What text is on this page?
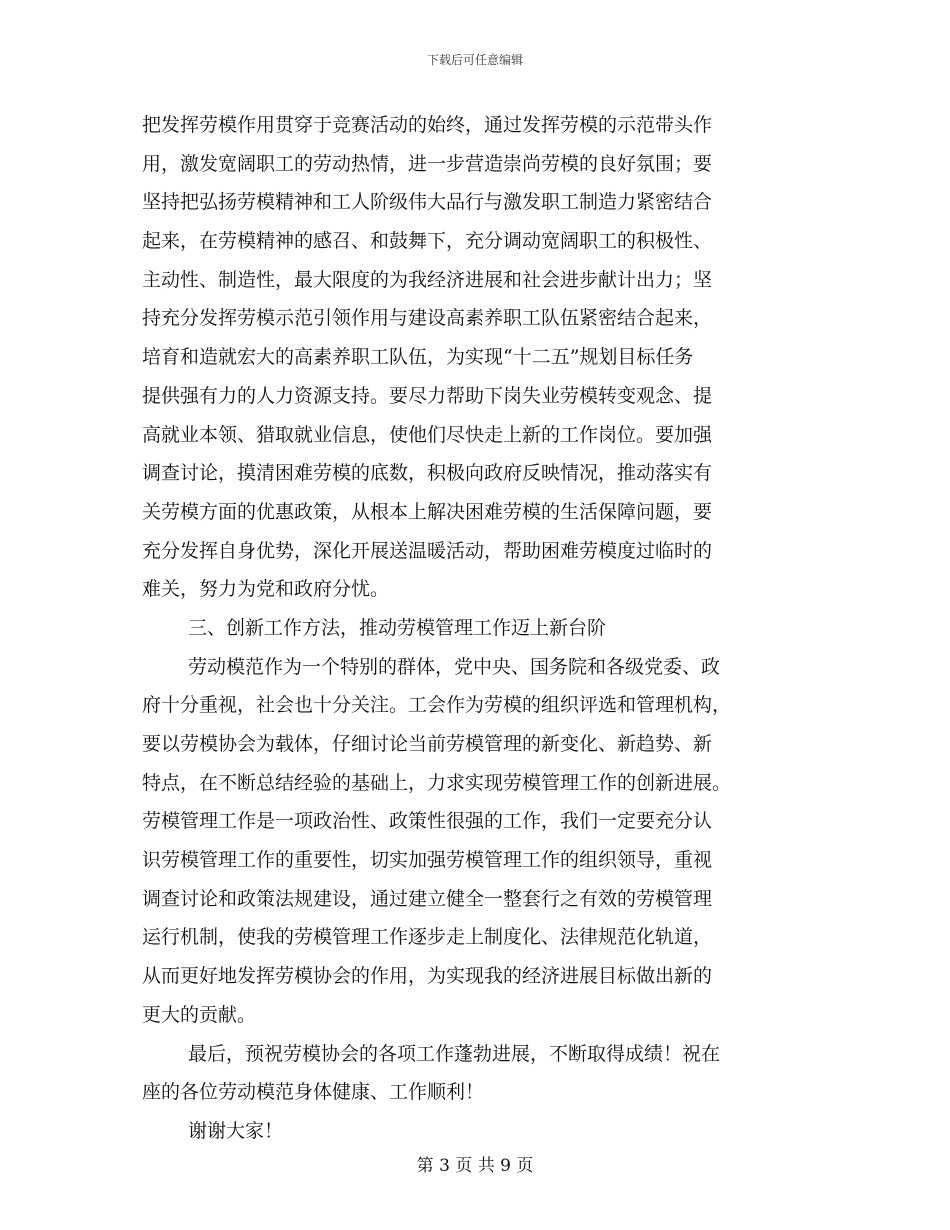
下载后可任意编辑
把发挥劳模作用贯穿于竞赛活动的始终，通过发挥劳模的示范带头作
用，激发宽阔职工的劳动热情，进一步营造崇尚劳模的良好氛围；要
坚持把弘扬劳模精神和工人阶级伟大品行与激发职工制造力紧密结合
起来，在劳模精神的感召、和鼓舞下，充分调动宽阔职工的积极性、
主动性、制造性，最大限度的为我经济进展和社会进步献计出力；坚
持充分发挥劳模示范引领作用与建设高素养职工队伍紧密结合起来，
培育和造就宏大的高素养职工队伍，为实现“十二五”规划目标任务
提供强有力的人力资源支持。要尽力帮助下岗失业劳模转变观念、提
高就业本领、猎取就业信息，使他们尽快走上新的工作岗位。要加强
调查讨论，摸清困难劳模的底数，积极向政府反映情况，推动落实有
关劳模方面的优惠政策，从根本上解决困难劳模的生活保障问题，要
充分发挥自身优势，深化开展送温暖活动，帮助困难劳模度过临时的
难关，努力为党和政府分忧。
三、创新工作方法，推动劳模管理工作迈上新台阶
劳动模范作为一个特别的群体，党中央、国务院和各级党委、政
府十分重视，社会也十分关注。工会作为劳模的组织评选和管理机构，
要以劳模协会为载体，仔细讨论当前劳模管理的新变化、新趋势、新
特点，在不断总结经验的基础上，力求实现劳模管理工作的创新进展。
劳模管理工作是一项政治性、政策性很强的工作，我们一定要充分认
识劳模管理工作的重要性，切实加强劳模管理工作的组织领导，重视
调查讨论和政策法规建设，通过建立健全一整套行之有效的劳模管理
运行机制，使我的劳模管理工作逐步走上制度化、法律规范化轨道，
从而更好地发挥劳模协会的作用，为实现我的经济进展目标做出新的
更大的贡献。
最后，预祝劳模协会的各项工作蓬勃进展，不断取得成绩！祝在
座的各位劳动模范身体健康、工作顺利！
谢谢大家！
第 3 页 共 9 页
